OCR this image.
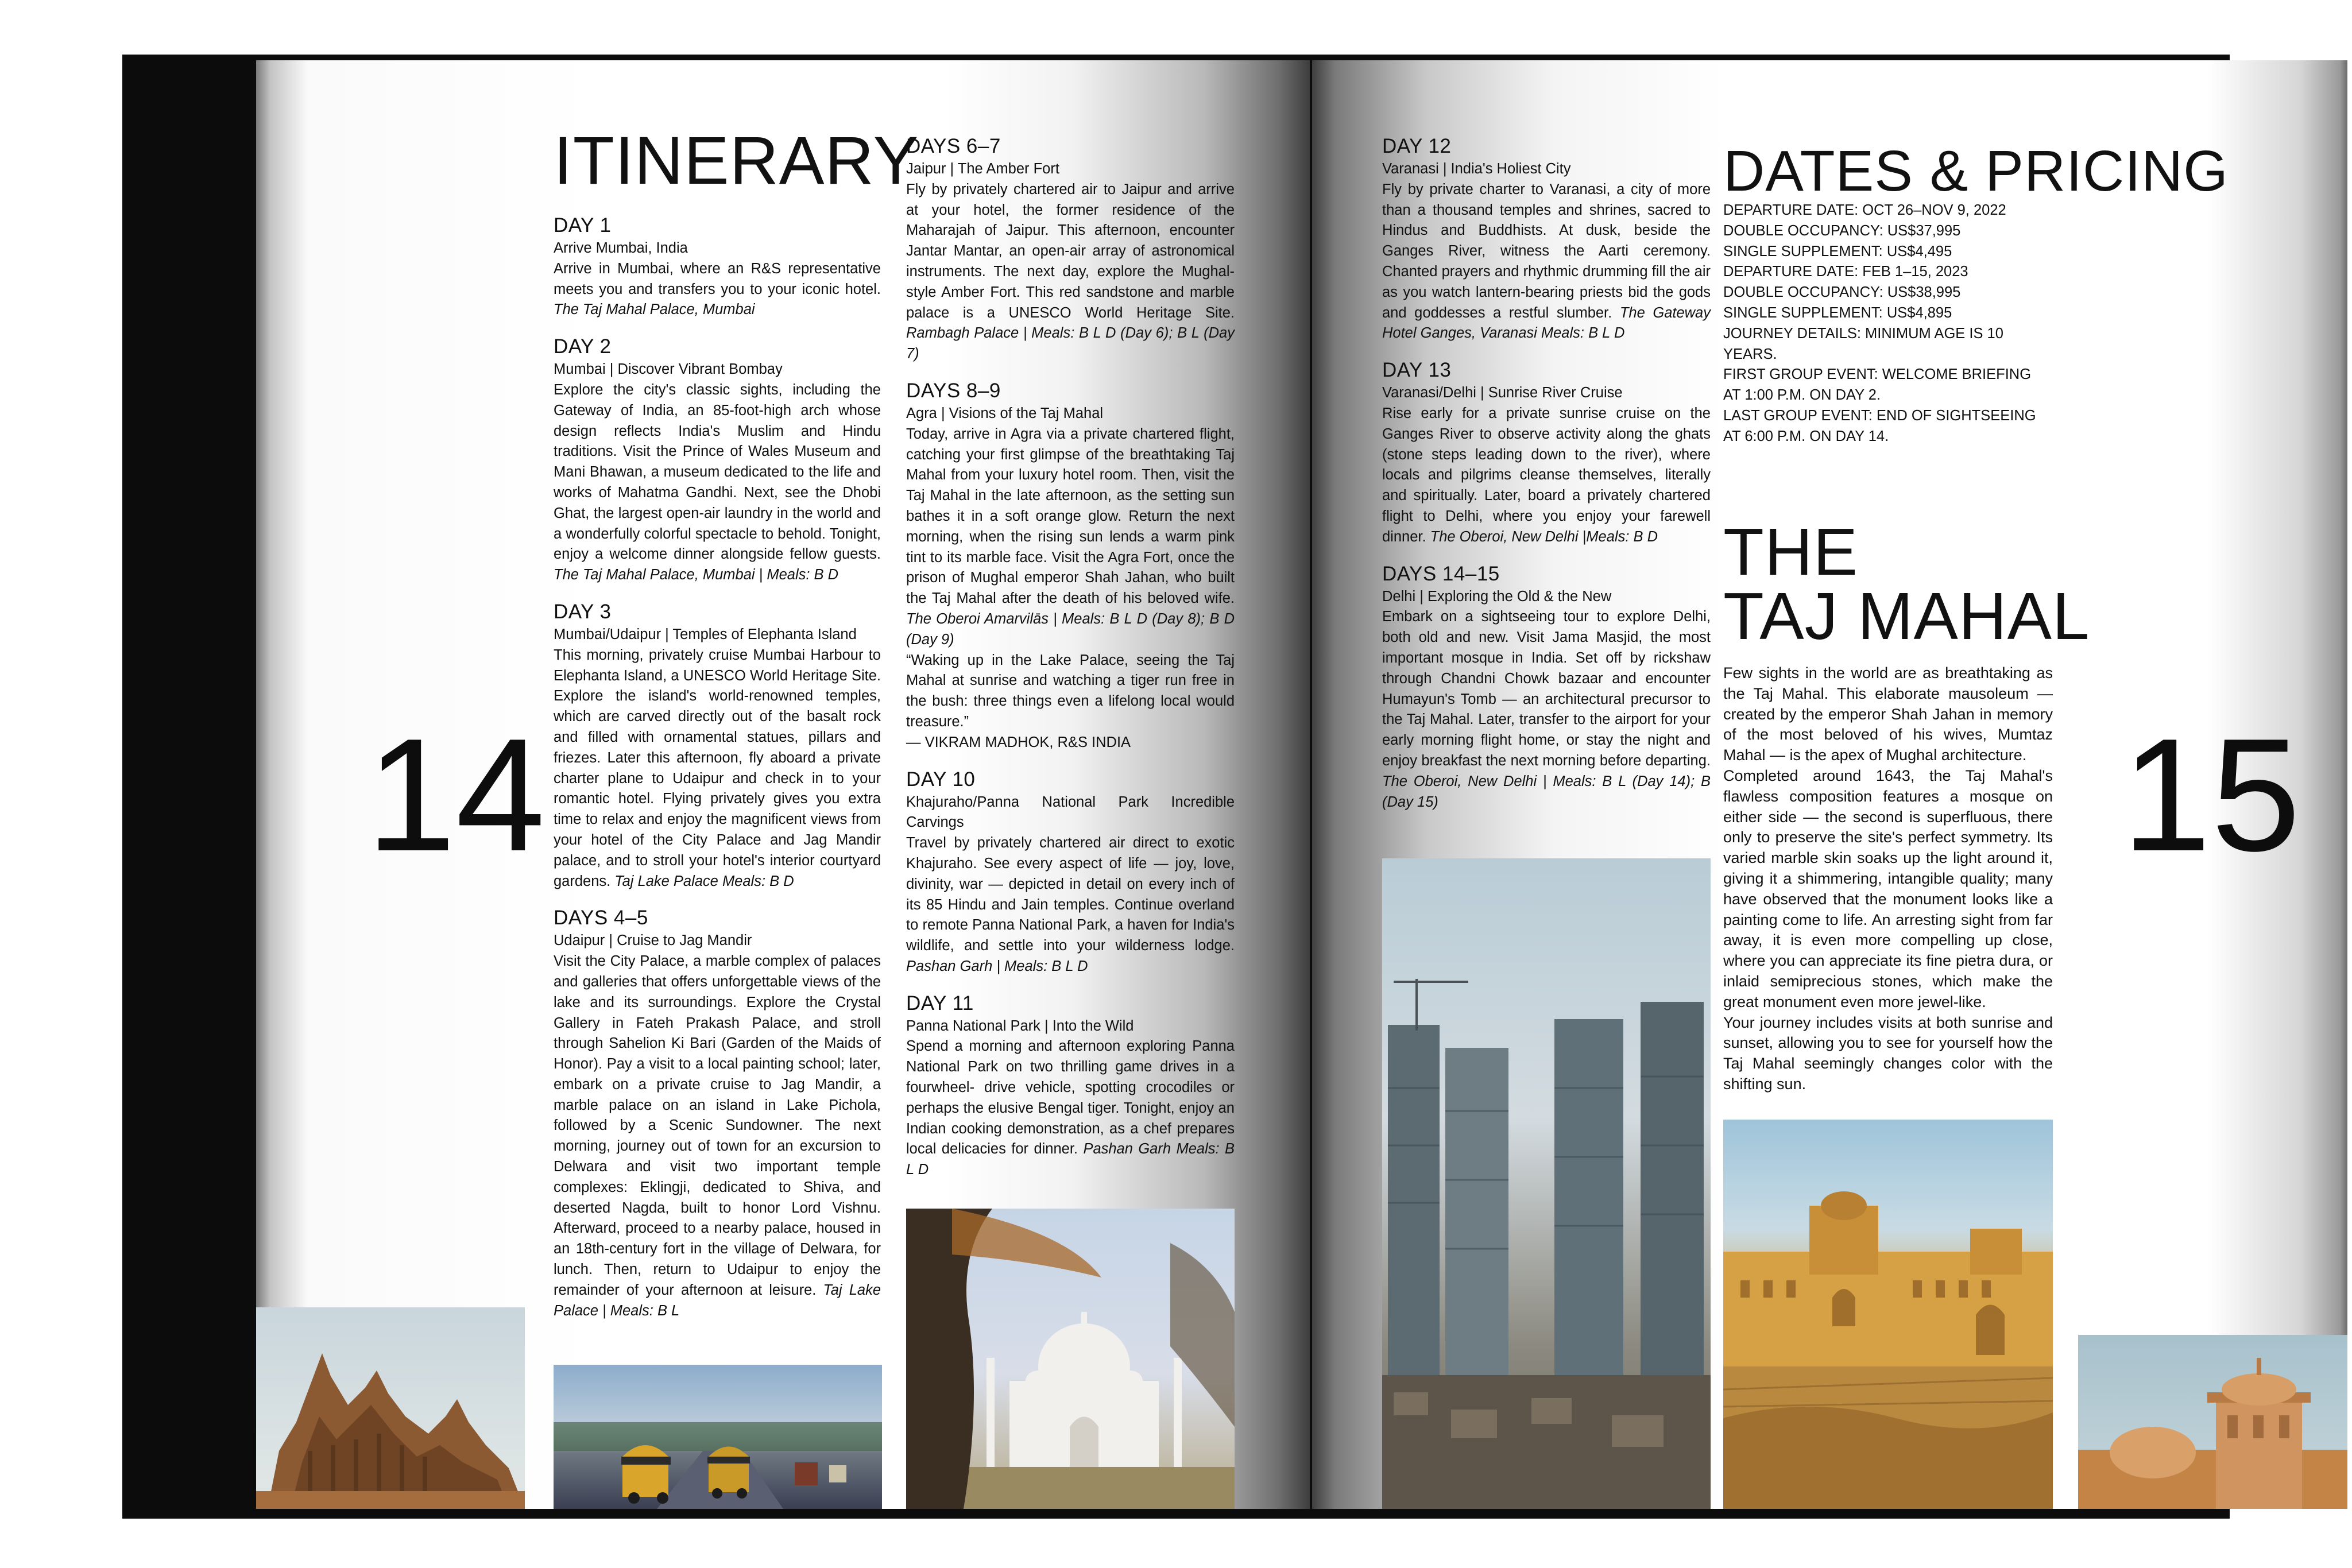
ITINERARY
DAY 1

Arrive Mumbai, India

Arrive in Mumbai, where an R&S representative meets you and transfers you to your iconic hotel. The Taj Mahal Palace, Mumbai

DAY 2

Mumbai | Discover Vibrant Bombay

Explore the city's classic sights, including the Gateway of India, an 85-foot-high arch whose design reflects India's Muslim and Hindu traditions. Visit the Prince of Wales Museum and Mani Bhawan, a museum dedicated to the life and works of Mahatma Gandhi. Next, see the Dhobi Ghat, the largest open-air laundry in the world and a wonderfully colorful spectacle to behold. Tonight, enjoy a welcome dinner alongside fellow guests. The Taj Mahal Palace, Mumbai | Meals: B D

DAY 3

Mumbai/Udaipur | Temples of Elephanta Island

This morning, privately cruise Mumbai Harbour to Elephanta Island, a UNESCO World Heritage Site. Explore the island's world-renowned temples, which are carved directly out of the basalt rock and filled with ornamental statues, pillars and friezes. Later this afternoon, fly aboard a private charter plane to Udaipur and check in to your romantic hotel. Flying privately gives you extra time to relax and enjoy the magnificent views from your hotel of the City Palace and Jag Mandir palace, and to stroll your hotel's interior courtyard gardens. Taj Lake Palace Meals: B D

DAYS 4–5

Udaipur | Cruise to Jag Mandir

Visit the City Palace, a marble complex of palaces and galleries that offers unforgettable views of the lake and its surroundings. Explore the Crystal Gallery in Fateh Prakash Palace, and stroll through Sahelion Ki Bari (Garden of the Maids of Honor). Pay a visit to a local painting school; later, embark on a private cruise to Jag Mandir, a marble palace on an island in Lake Pichola, followed by a Scenic Sundowner. The next morning, journey out of town for an excursion to Delwara and visit two important temple complexes: Eklingji, dedicated to Shiva, and deserted Nagda, built to honor Lord Vishnu. Afterward, proceed to a nearby palace, housed in an 18th-century fort in the village of Delwara, for lunch. Then, return to Udaipur to enjoy the remainder of your afternoon at leisure. Taj Lake Palace | Meals: B L

DAYS 6–7

Jaipur | The Amber Fort

Fly by privately chartered air to Jaipur and arrive at your hotel, the former residence of the Maharajah of Jaipur. This afternoon, encounter Jantar Mantar, an open-air array of astronomical instruments. The next day, explore the Mughal-style Amber Fort. This red sandstone and marble palace is a UNESCO World Heritage Site. Rambagh Palace | Meals: B L D (Day 6); B L (Day 7)

DAYS 8–9

Agra | Visions of the Taj Mahal

Today, arrive in Agra via a private chartered flight, catching your first glimpse of the breathtaking Taj Mahal from your luxury hotel room. Then, visit the Taj Mahal in the late afternoon, as the setting sun bathes it in a soft orange glow. Return the next morning, when the rising sun lends a warm pink tint to its marble face. Visit the Agra Fort, once the prison of Mughal emperor Shah Jahan, who built the Taj Mahal after the death of his beloved wife. The Oberoi Amarvilās | Meals: B L D (Day 8); B D (Day 9)

“Waking up in the Lake Palace, seeing the Taj Mahal at sunrise and watching a tiger run free in the bush: three things even a lifelong local would treasure.”

— VIKRAM MADHOK, R&S INDIA

DAY 10

Khajuraho/Panna National Park Incredible Carvings

Travel by privately chartered air direct to exotic Khajuraho. See every aspect of life — joy, love, divinity, war — depicted in detail on every inch of its 85 Hindu and Jain temples. Continue overland to remote Panna National Park, a haven for India's wildlife, and settle into your wilderness lodge. Pashan Garh | Meals: B L D

DAY 11

Panna National Park | Into the Wild

Spend a morning and afternoon exploring Panna National Park on two thrilling game drives in a fourwheel- drive vehicle, spotting crocodiles or perhaps the elusive Bengal tiger. Tonight, enjoy an Indian cooking demonstration, as a chef prepares local delicacies for dinner. Pashan Garh Meals: B L D

14
DAY 12

Varanasi | India's Holiest City

Fly by private charter to Varanasi, a city of more than a thousand temples and shrines, sacred to Hindus and Buddhists. At dusk, beside the Ganges River, witness the Aarti ceremony. Chanted prayers and rhythmic drumming fill the air as you watch lantern-bearing priests bid the gods and goddesses a restful slumber. The Gateway Hotel Ganges, Varanasi Meals: B L D

DAY 13

Varanasi/Delhi | Sunrise River Cruise

Rise early for a private sunrise cruise on the Ganges River to observe activity along the ghats (stone steps leading down to the river), where locals and pilgrims cleanse themselves, literally and spiritually. Later, board a privately chartered flight to Delhi, where you enjoy your farewell dinner. The Oberoi, New Delhi |Meals: B D

DAYS 14–15

Delhi | Exploring the Old & the New

Embark on a sightseeing tour to explore Delhi, both old and new. Visit Jama Masjid, the most important mosque in India. Set off by rickshaw through Chandni Chowk bazaar and encounter Humayun's Tomb — an architectural precursor to the Taj Mahal. Later, transfer to the airport for your early morning flight home, or stay the night and enjoy breakfast the next morning before departing. The Oberoi, New Delhi | Meals: B L (Day 14); B (Day 15)

DATES & PRICING

DEPARTURE DATE: OCT 26–NOV 9, 2022

DOUBLE OCCUPANCY: US$37,995

SINGLE SUPPLEMENT: US$4,495

DEPARTURE DATE: FEB 1–15, 2023

DOUBLE OCCUPANCY: US$38,995

SINGLE SUPPLEMENT: US$4,895

JOURNEY DETAILS: MINIMUM AGE IS 10 YEARS.

FIRST GROUP EVENT: WELCOME BRIEFING AT 1:00 P.M. ON DAY 2.

LAST GROUP EVENT: END OF SIGHTSEEING AT 6:00 P.M. ON DAY 14.

THE
TAJ MAHAL

Few sights in the world are as breathtaking as the Taj Mahal. This elaborate mausoleum — created by the emperor Shah Jahan in memory of the most beloved of his wives, Mumtaz Mahal — is the apex of Mughal architecture.

Completed around 1643, the Taj Mahal's flawless composition features a mosque on either side — the second is superfluous, there only to preserve the site's perfect symmetry. Its varied marble skin soaks up the light around it, giving it a shimmering, intangible quality; many have observed that the monument looks like a painting come to life. An arresting sight from far away, it is even more compelling up close, where you can appreciate its fine pietra dura, or inlaid semiprecious stones, which make the great monument even more jewel-like.

Your journey includes visits at both sunrise and sunset, allowing you to see for yourself how the Taj Mahal seemingly changes color with the shifting sun.

15
